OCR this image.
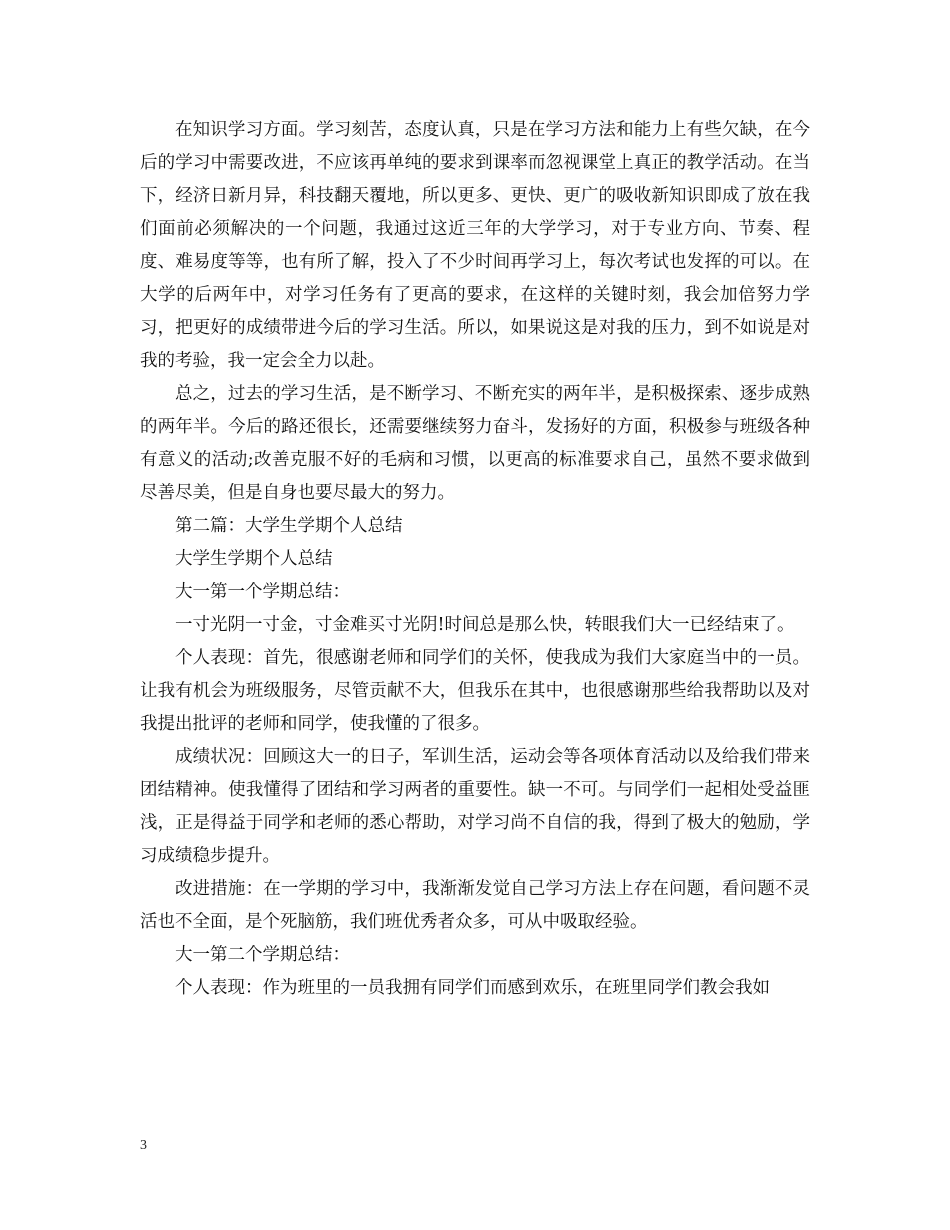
在知识学习方面。学习刻苦，态度认真，只是在学习方法和能力上有些欠缺，在今后的学习中需要改进，不应该再单纯的要求到课率而忽视课堂上真正的教学活动。在当下，经济日新月异，科技翻天覆地，所以更多、更快、更广的吸收新知识即成了放在我们面前必须解决的一个问题，我通过这近三年的大学学习，对于专业方向、节奏、程度、难易度等等，也有所了解，投入了不少时间再学习上，每次考试也发挥的可以。在大学的后两年中，对学习任务有了更高的要求，在这样的关键时刻，我会加倍努力学习，把更好的成绩带进今后的学习生活。所以，如果说这是对我的压力，到不如说是对我的考验，我一定会全力以赴。

总之，过去的学习生活，是不断学习、不断充实的两年半，是积极探索、逐步成熟的两年半。今后的路还很长，还需要继续努力奋斗，发扬好的方面，积极参与班级各种有意义的活动;改善克服不好的毛病和习惯，以更高的标准要求自己，虽然不要求做到尽善尽美，但是自身也要尽最大的努力。

第二篇：大学生学期个人总结

大学生学期个人总结

大一第一个学期总结：

一寸光阴一寸金，寸金难买寸光阴!时间总是那么快，转眼我们大一已经结束了。

个人表现：首先，很感谢老师和同学们的关怀，使我成为我们大家庭当中的一员。让我有机会为班级服务，尽管贡献不大，但我乐在其中，也很感谢那些给我帮助以及对我提出批评的老师和同学，使我懂的了很多。

成绩状况：回顾这大一的日子，军训生活，运动会等各项体育活动以及给我们带来团结精神。使我懂得了团结和学习两者的重要性。缺一不可。与同学们一起相处受益匪浅，正是得益于同学和老师的悉心帮助，对学习尚不自信的我，得到了极大的勉励，学习成绩稳步提升。

改进措施：在一学期的学习中，我渐渐发觉自己学习方法上存在问题，看问题不灵活也不全面，是个死脑筋，我们班优秀者众多，可从中吸取经验。

大一第二个学期总结：

个人表现：作为班里的一员我拥有同学们而感到欢乐，在班里同学们教会我如

3
